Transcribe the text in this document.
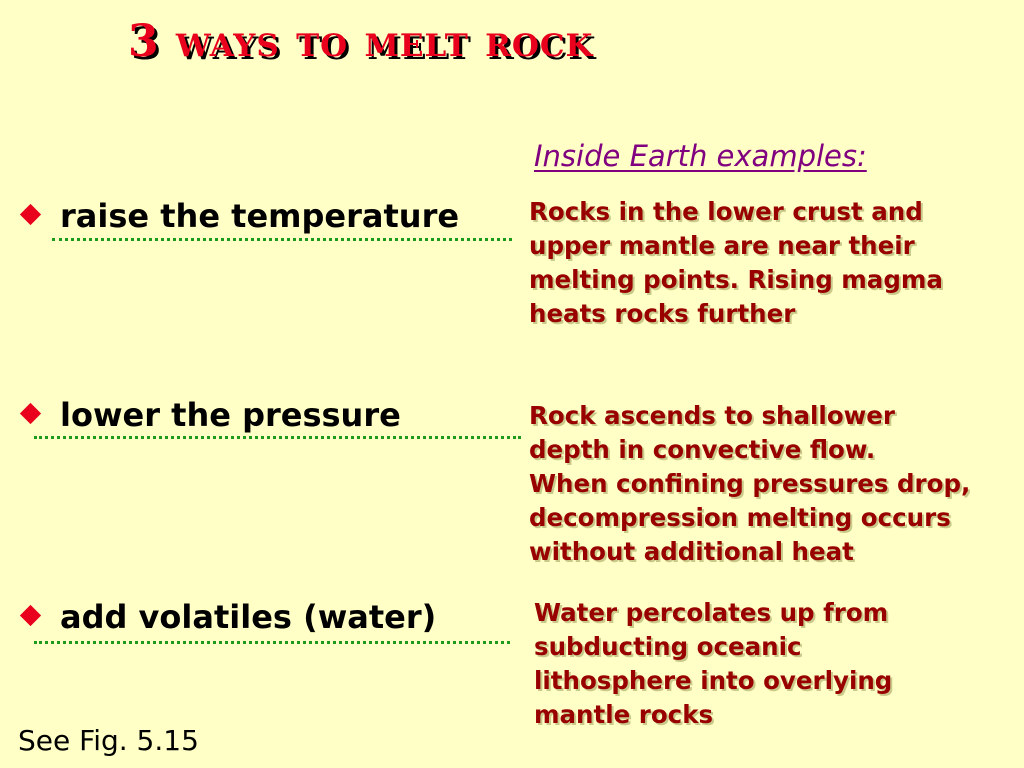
3 ways to melt rock
Inside Earth examples:
raise the temperature	Rocks in the lower crust and
upper mantle are near their
melting points. Rising magma
heats rocks further

lower the pressure	Rock ascends to shallower
depth in convective flow.
When confining pressures drop,
decompression melting occurs
without additional heat

add volatiles (water)	Water percolates up from
subducting oceanic
lithosphere into overlying
mantle rocks

See Fig. 5.15
